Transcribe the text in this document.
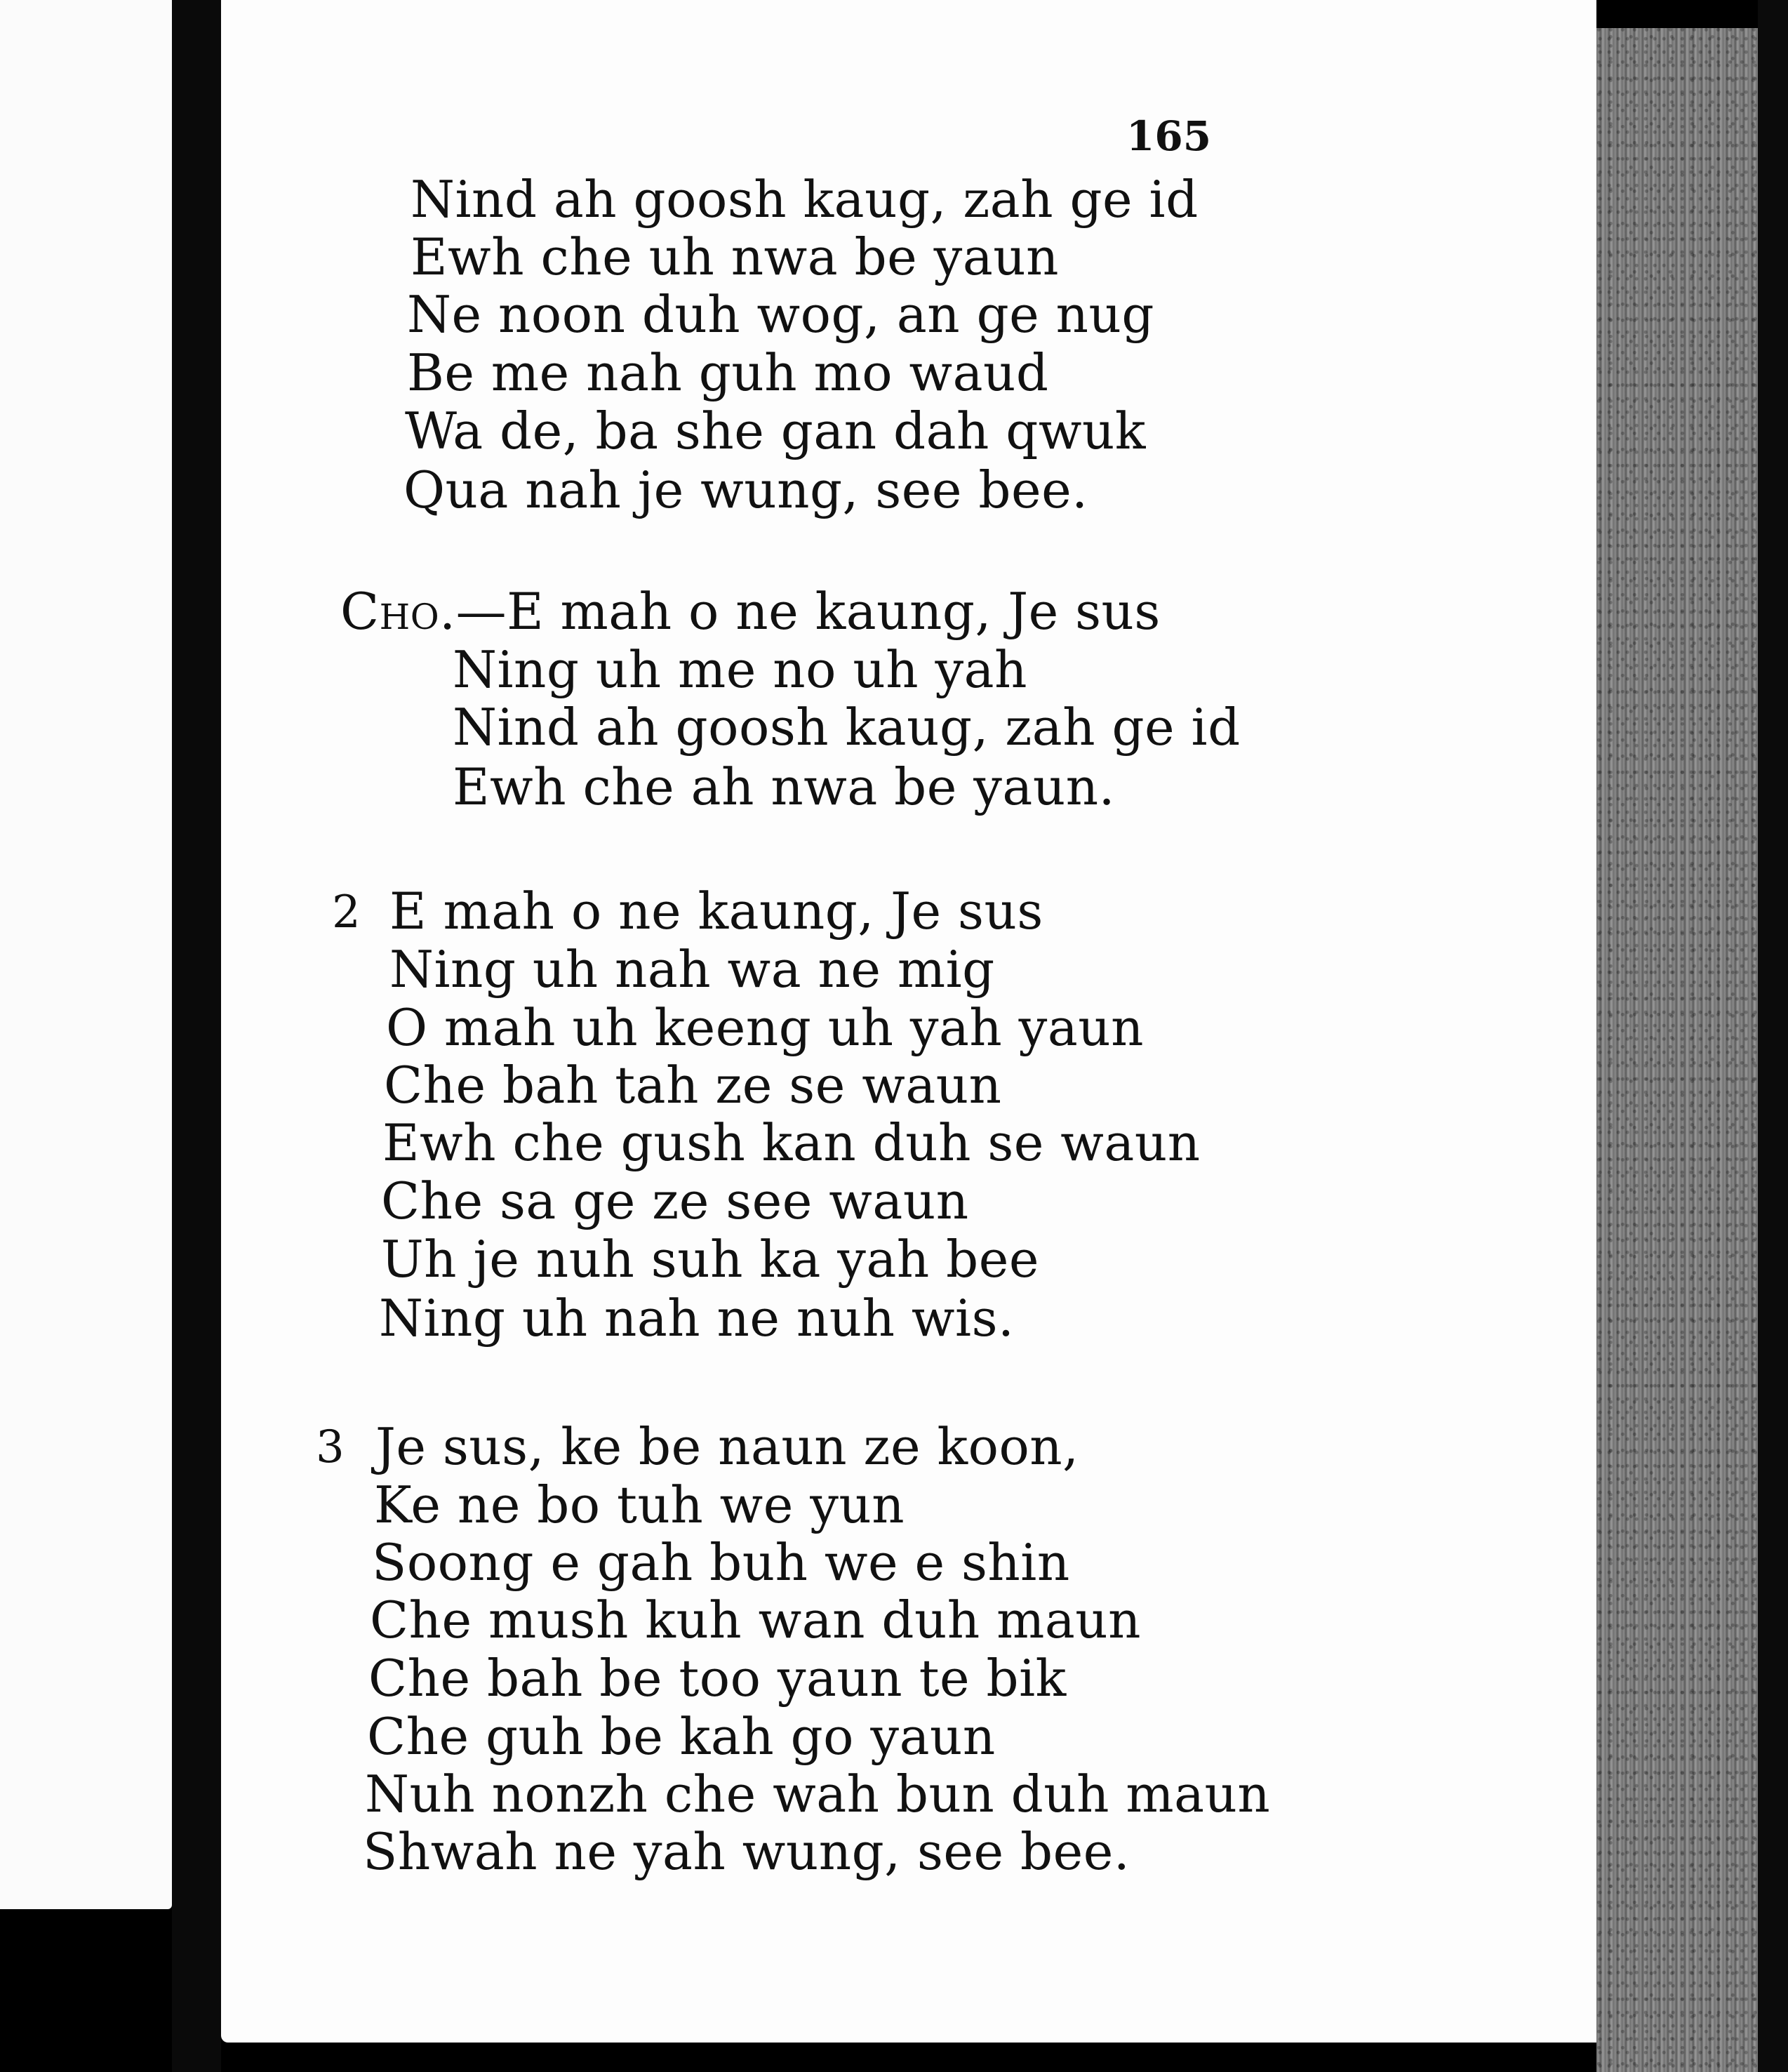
165
Nind ah goosh kaug, zah ge id
Ewh che uh nwa be yaun
Ne noon duh wog, an ge nug
Be me nah guh mo waud
Wa de, ba she gan dah qwuk
Qua nah je wung, see bee.
Cho.—E mah o ne kaung, Je sus
Ning uh me no uh yah
Nind ah goosh kaug, zah ge id
Ewh che ah nwa be yaun.
2 E mah o ne kaung, Je sus
Ning uh nah wa ne mig
O mah uh keeng uh yah yaun
Che bah tah ze se waun
Ewh che gush kan duh se waun
Che sa ge ze see waun
Uh je nuh suh ka yah bee
Ning uh nah ne nuh wis.
3 Je sus, ke be naun ze koon,
Ke ne bo tuh we yun
Soong e gah buh we e shin
Che mush kuh wan duh maun
Che bah be too yaun te bik
Che guh be kah go yaun
Nuh nonzh che wah bun duh maun
Shwah ne yah wung, see bee.
